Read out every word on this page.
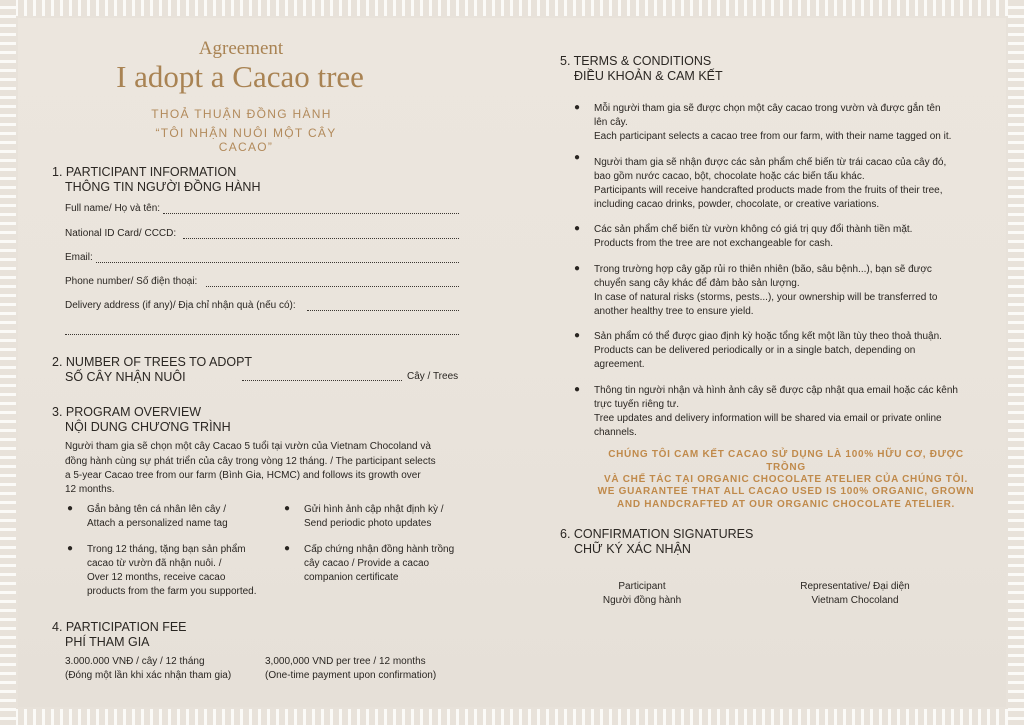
Agreement
I adopt a Cacao tree
THOẢ THUẬN ĐỒNG HÀNH
“TÔI NHẬN NUÔI MỘT CÂY CACAO”
1. PARTICIPANT INFORMATION
THÔNG TIN NGƯỜI ĐỒNG HÀNH
Full name/ Họ và tên:
National ID Card/ CCCD:
Email:
Phone number/ Số điện thoại:
Delivery address (if any)/ Địa chỉ nhận quà (nếu có):
2. NUMBER OF TREES TO ADOPT
SỐ CÂY NHẬN NUÔI	Cây / Trees
3. PROGRAM OVERVIEW
NỘI DUNG CHƯƠNG TRÌNH
Người tham gia sẽ chọn một cây Cacao 5 tuổi tại vườn của Vietnam Chocoland và
đồng hành cùng sự phát triển của cây trong vòng 12 tháng. / The participant selects
a 5-year Cacao tree from our farm (Bình Gia, HCMC) and follows its growth over
12 months.
● Gắn bảng tên cá nhân lên cây /
Attach a personalized name tag
● Gửi hình ảnh cập nhật định kỳ /
Send periodic photo updates
● Trong 12 tháng, tặng bạn sản phẩm
cacao từ vườn đã nhận nuôi. /
Over 12 months, receive cacao
products from the farm you supported.
● Cấp chứng nhận đồng hành trồng
cây cacao / Provide a cacao
companion certificate
4. PARTICIPATION FEE
PHÍ THAM GIA
3.000.000 VNĐ / cây / 12 tháng
(Đóng một lần khi xác nhận tham gia)
3,000,000 VND per tree / 12 months
(One-time payment upon confirmation)
5. TERMS & CONDITIONS
ĐIỀU KHOẢN & CAM KẾT
● Mỗi người tham gia sẽ được chọn một cây cacao trong vườn và được gắn tên
lên cây.
Each participant selects a cacao tree from our farm, with their name tagged on it.
● Người tham gia sẽ nhận được các sản phẩm chế biến từ trái cacao của cây đó,
bao gồm nước cacao, bột, chocolate hoặc các biến tấu khác.
Participants will receive handcrafted products made from the fruits of their tree,
including cacao drinks, powder, chocolate, or creative variations.
● Các sản phẩm chế biến từ vườn không có giá trị quy đổi thành tiền mặt.
Products from the tree are not exchangeable for cash.
● Trong trường hợp cây gặp rủi ro thiên nhiên (bão, sâu bệnh...), bạn sẽ được
chuyển sang cây khác để đảm bảo sản lượng.
In case of natural risks (storms, pests...), your ownership will be transferred to
another healthy tree to ensure yield.
● Sản phẩm có thể được giao định kỳ hoặc tổng kết một lần tùy theo thoả thuận.
Products can be delivered periodically or in a single batch, depending on
agreement.
● Thông tin người nhận và hình ảnh cây sẽ được cập nhật qua email hoặc các kênh
trực tuyến riêng tư.
Tree updates and delivery information will be shared via email or private online
channels.
CHÚNG TÔI CAM KẾT CACAO SỬ DỤNG LÀ 100% HỮU CƠ, ĐƯỢC TRỒNG
VÀ CHẾ TÁC TẠI ORGANIC CHOCOLATE ATELIER CỦA CHÚNG TÔI.
WE GUARANTEE THAT ALL CACAO USED IS 100% ORGANIC, GROWN
AND HANDCRAFTED AT OUR ORGANIC CHOCOLATE ATELIER.
6. CONFIRMATION SIGNATURES
CHỮ KÝ XÁC NHẬN
Participant
Người đồng hành
Representative/ Đại diện
Vietnam Chocoland
